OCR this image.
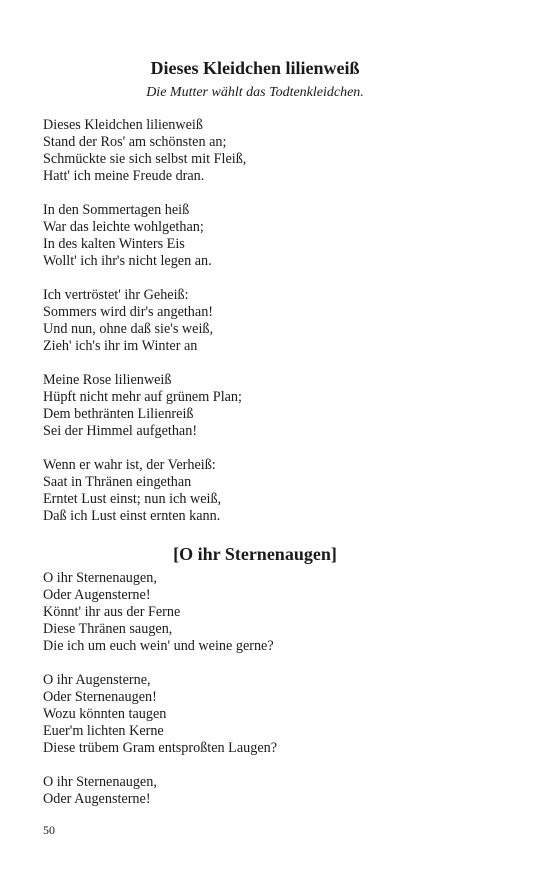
Dieses Kleidchen lilienweiß

Die Mutter wählt das Todtenkleidchen.

Dieses Kleidchen lilienweiß
Stand der Ros' am schönsten an;
Schmückte sie sich selbst mit Fleiß,
Hatt' ich meine Freude dran.
In den Sommertagen heiß
War das leichte wohlgethan;
In des kalten Winters Eis
Wollt' ich ihr's nicht legen an.
Ich vertröstet' ihr Geheiß:
Sommers wird dir's angethan!
Und nun, ohne daß sie's weiß,
Zieh' ich's ihr im Winter an
Meine Rose lilienweiß
Hüpft nicht mehr auf grünem Plan;
Dem bethränten Lilienreiß
Sei der Himmel aufgethan!
Wenn er wahr ist, der Verheiß:
Saat in Thränen eingethan
Erntet Lust einst; nun ich weiß,
Daß ich Lust einst ernten kann.
[O ihr Sternenaugen]
O ihr Sternenaugen,
Oder Augensterne!
Könnt' ihr aus der Ferne
Diese Thränen saugen,
Die ich um euch wein' und weine gerne?
O ihr Augensterne,
Oder Sternenaugen!
Wozu könnten taugen
Euer'm lichten Kerne
Diese trübem Gram entsproßten Laugen?
O ihr Sternenaugen,
Oder Augensterne!
50
